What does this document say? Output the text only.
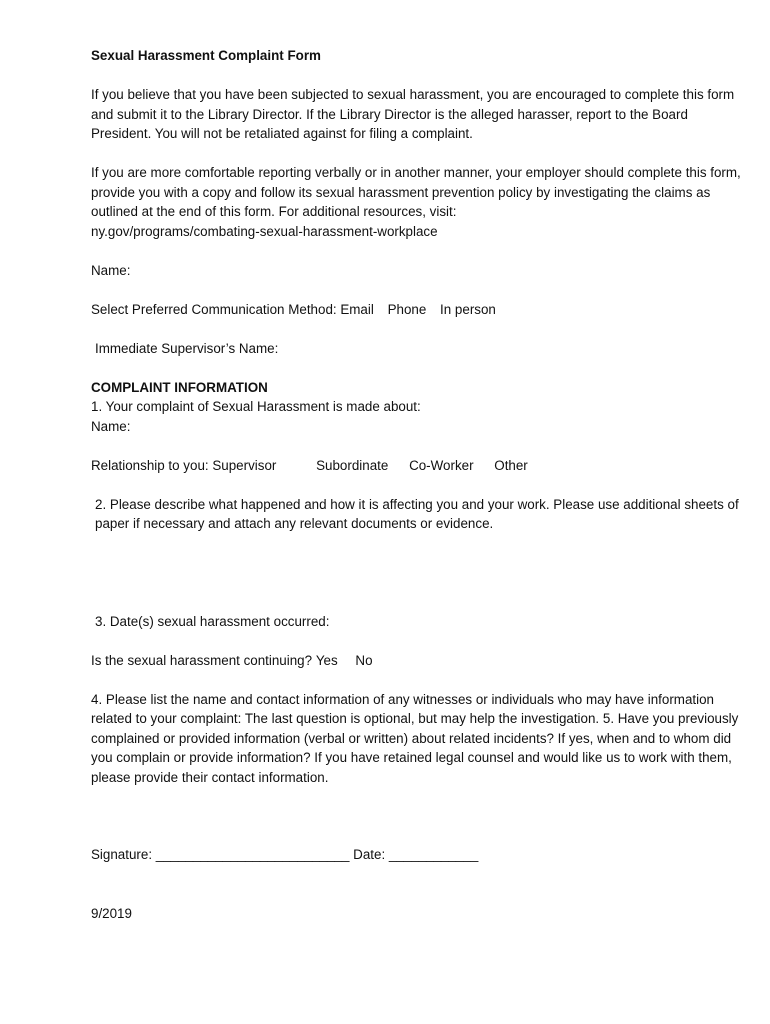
Sexual Harassment Complaint Form

If you believe that you have been subjected to sexual harassment, you are encouraged to complete this form and submit it to the Library Director. If the Library Director is the alleged harasser, report to the Board President. You will not be retaliated against for filing a complaint.

If you are more comfortable reporting verbally or in another manner, your employer should complete this form, provide you with a copy and follow its sexual harassment prevention policy by investigating the claims as outlined at the end of this form. For additional resources, visit:

ny.gov/programs/combating-sexual-harassment-workplace

Name:

Select Preferred Communication Method: Email Phone In person

Immediate Supervisor’s Name:

COMPLAINT INFORMATION

1. Your complaint of Sexual Harassment is made about:

Name:

Relationship to you: Supervisor	Subordinate Co-Worker Other

2. Please describe what happened and how it is affecting you and your work. Please use additional sheets of paper if necessary and attach any relevant documents or evidence.

3. Date(s) sexual harassment occurred:

Is the sexual harassment continuing? Yes No

4. Please list the name and contact information of any witnesses or individuals who may have information related to your complaint: The last question is optional, but may help the investigation. 5. Have you previously complained or provided information (verbal or written) about related incidents? If yes, when and to whom did you complain or provide information? If you have retained legal counsel and would like us to work with them, please provide their contact information.

Signature: __________________________ Date: ____________

9/2019
